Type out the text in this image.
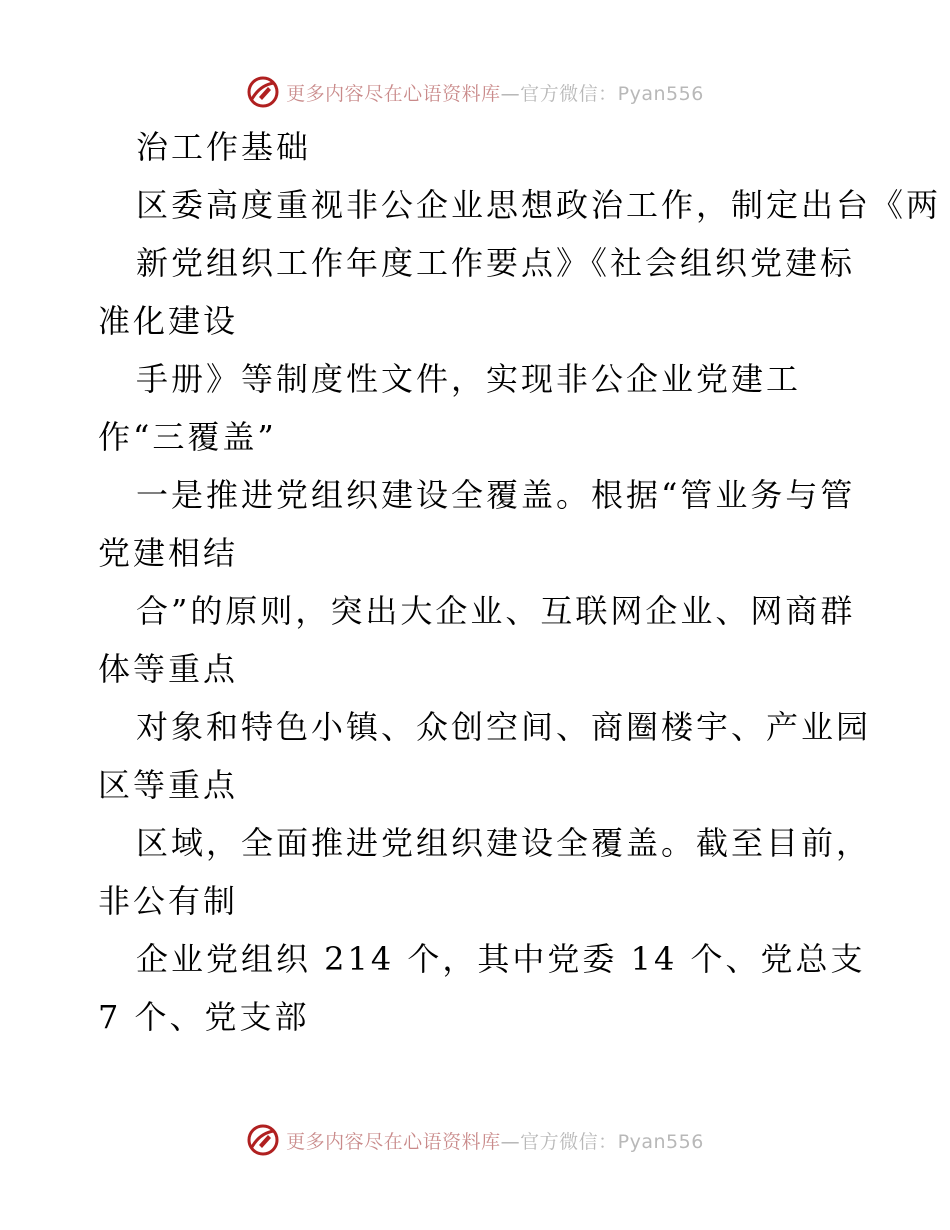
更多内容尽在心语资料库—官方微信：Pyan556
治工作基础
区委高度重视非公企业思想政治工作，制定出台《两
新党组织工作年度工作要点》《社会组织党建标
准化建设
手册》等制度性文件，实现非公企业党建工
作“三覆盖”
一是推进党组织建设全覆盖。根据“管业务与管
党建相结
合”的原则，突出大企业、互联网企业、网商群
体等重点
对象和特色小镇、众创空间、商圈楼宇、产业园
区等重点
区域，全面推进党组织建设全覆盖。截至目前，
非公有制
企业党组织 214 个，其中党委 14 个、党总支
7 个、党支部
更多内容尽在心语资料库—官方微信：Pyan556
